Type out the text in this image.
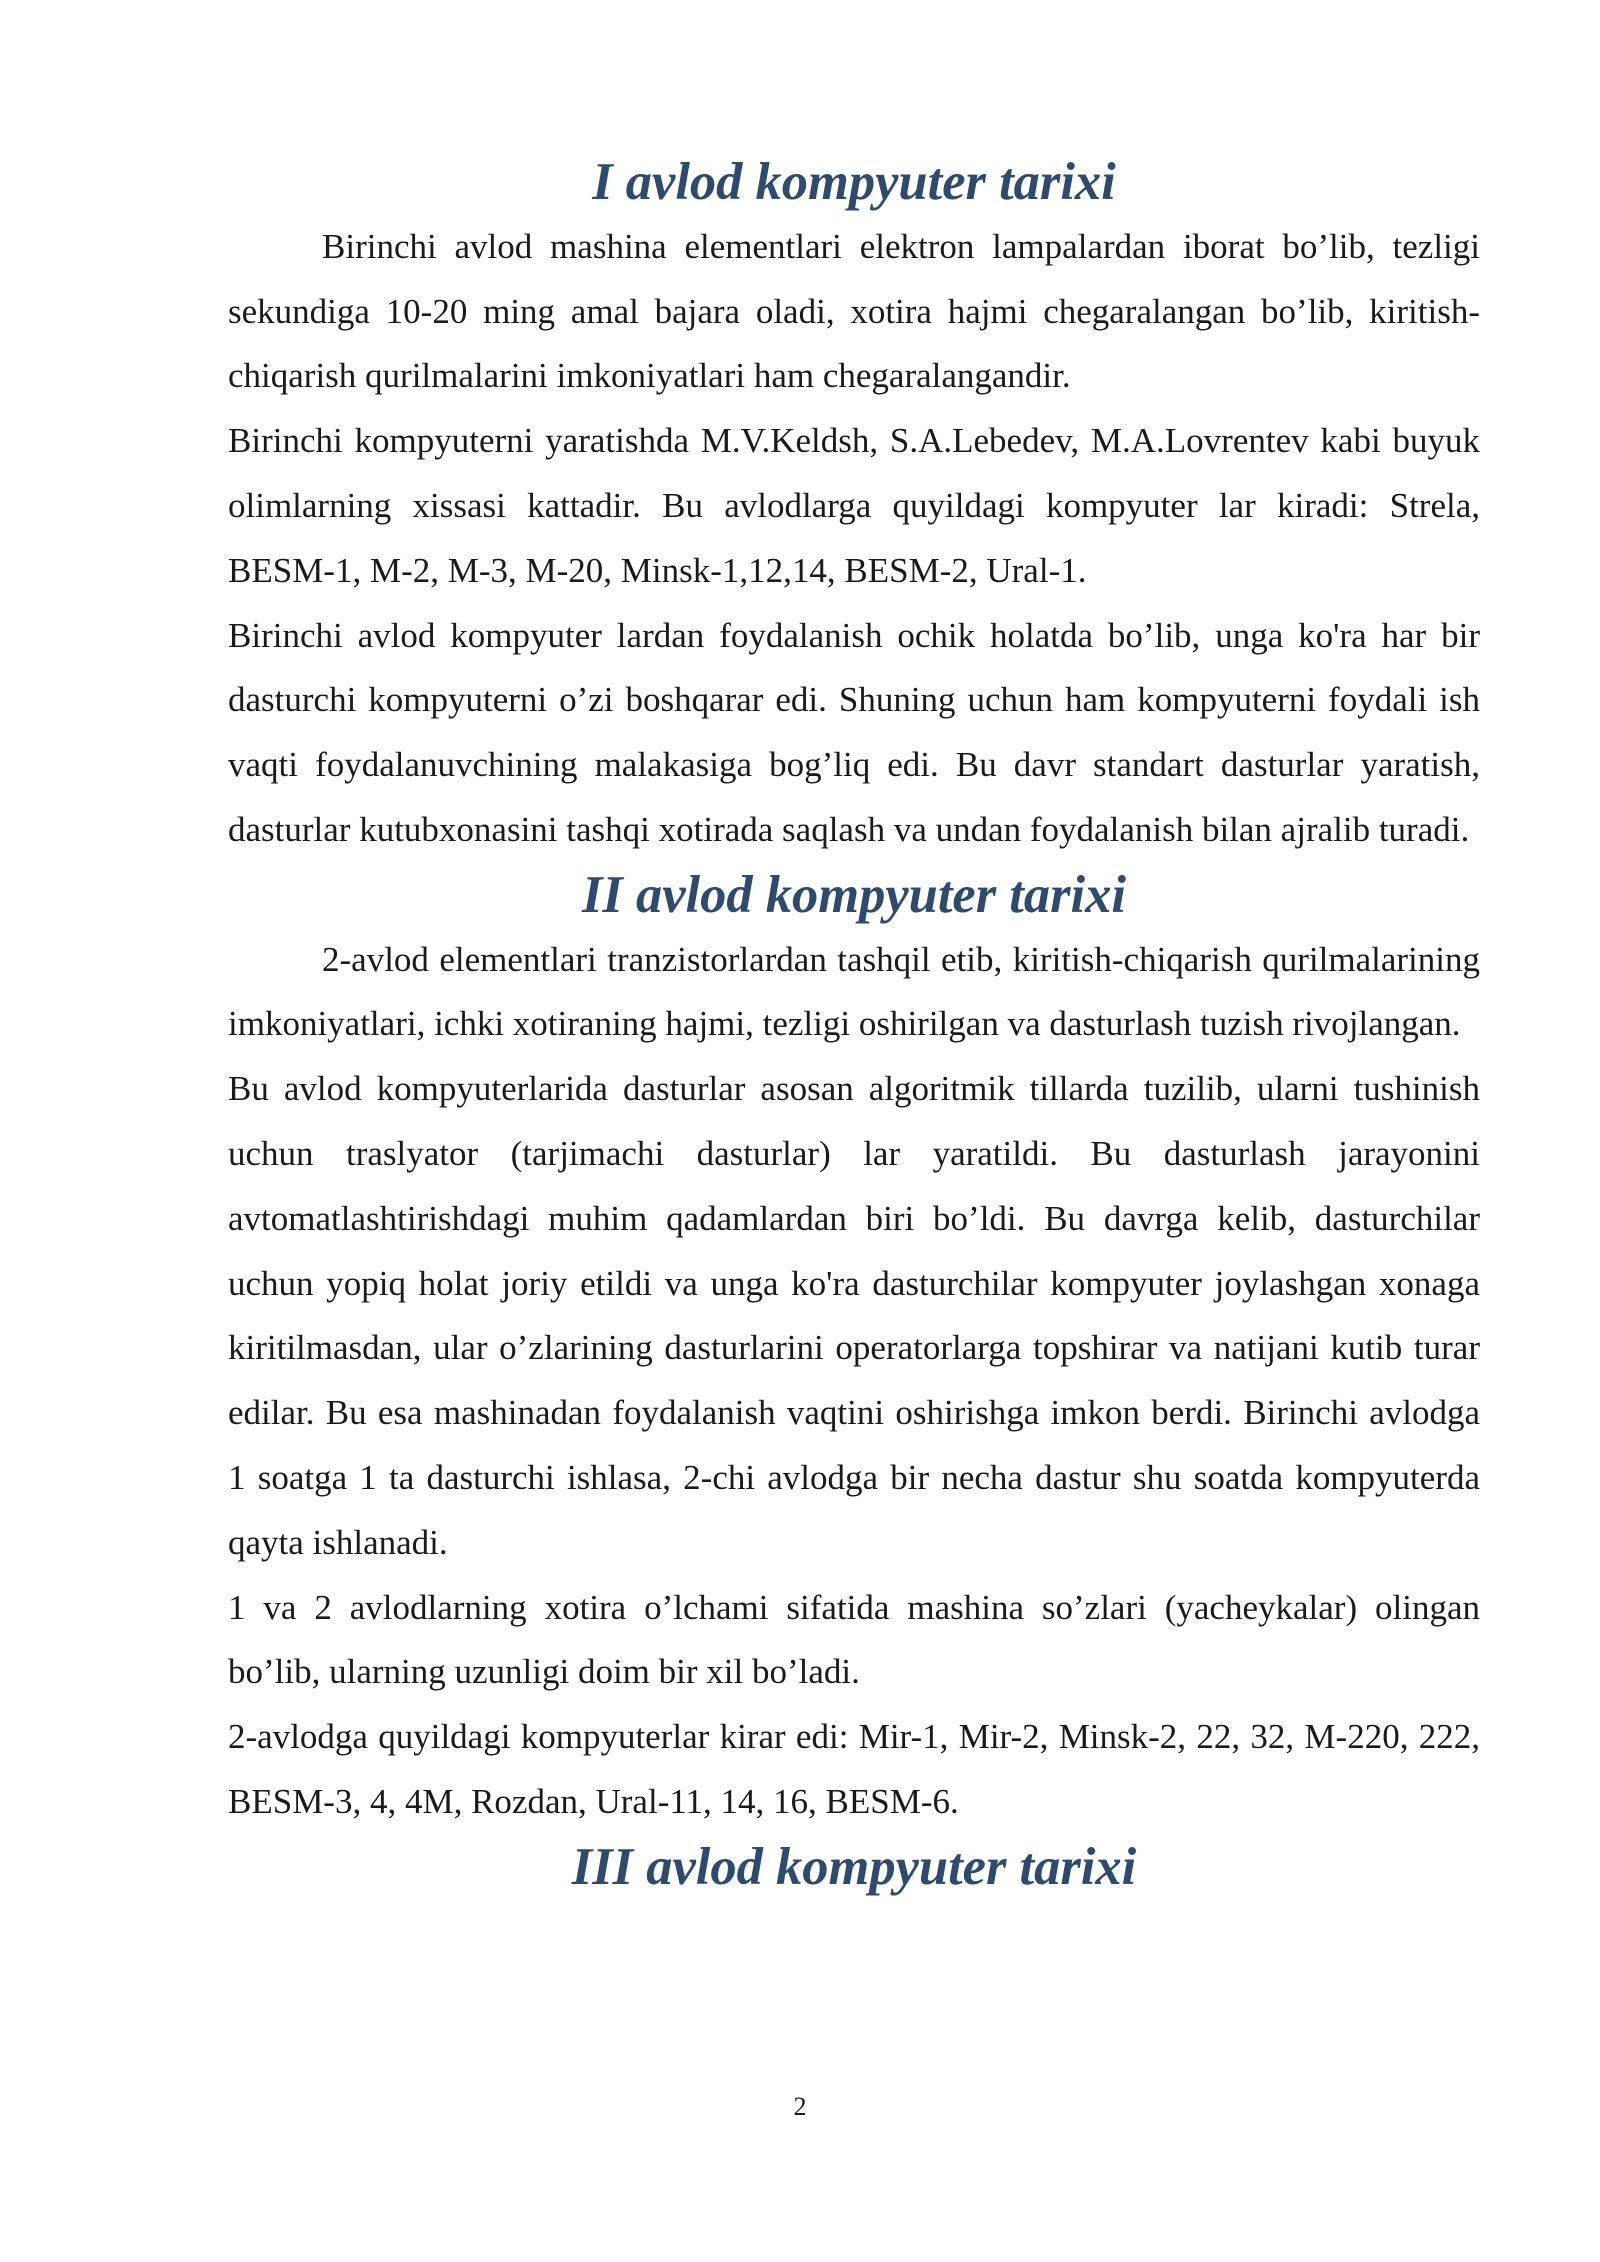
I avlod kompyuter tarixi

Birinchi avlod mashina elementlari elektron lampalardan iborat bo’lib, tezligi sekundiga 10-20 ming amal bajara oladi, xotira hajmi chegaralangan bo’lib, kiritish-chiqarish qurilmalarini imkoniyatlari ham chegaralangandir.

Birinchi kompyuterni yaratishda M.V.Keldsh, S.A.Lebedev, M.A.Lovrentev kabi buyuk olimlarning xissasi kattadir. Bu avlodlarga quyildagi kompyuter lar kiradi: Strela, BESM-1, M-2, M-3, M-20, Minsk-1,12,14, BESM-2, Ural-1.

Birinchi avlod kompyuter lardan foydalanish ochik holatda bo’lib, unga ko'ra har bir dasturchi kompyuterni o’zi boshqarar edi. Shuning uchun ham kompyuterni foydali ish vaqti foydalanuvchining malakasiga bog’liq edi. Bu davr standart dasturlar yaratish, dasturlar kutubxonasini tashqi xotirada saqlash va undan foydalanish bilan ajralib turadi.

II avlod kompyuter tarixi

2-avlod elementlari tranzistorlardan tashqil etib, kiritish-chiqarish qurilmalarining imkoniyatlari, ichki xotiraning hajmi, tezligi oshirilgan va dasturlash tuzish rivojlangan.

Bu avlod kompyuterlarida dasturlar asosan algoritmik tillarda tuzilib, ularni tushinish uchun traslyator (tarjimachi dasturlar) lar yaratildi. Bu dasturlash jarayonini avtomatlashtirishdagi muhim qadamlardan biri bo’ldi. Bu davrga kelib, dasturchilar uchun yopiq holat joriy etildi va unga ko'ra dasturchilar kompyuter joylashgan xonaga kiritilmasdan, ular o’zlarining dasturlarini operatorlarga topshirar va natijani kutib turar edilar. Bu esa mashinadan foydalanish vaqtini oshirishga imkon berdi. Birinchi avlodga 1 soatga 1 ta dasturchi ishlasa, 2-chi avlodga bir necha dastur shu soatda kompyuterda qayta ishlanadi.

1 va 2 avlodlarning xotira o’lchami sifatida mashina so’zlari (yacheykalar) olingan bo’lib, ularning uzunligi doim bir xil bo’ladi.

2-avlodga quyildagi kompyuterlar kirar edi: Mir-1, Mir-2, Minsk-2, 22, 32, M-220, 222, BESM-3, 4, 4M, Rozdan, Ural-11, 14, 16, BESM-6.

III avlod kompyuter tarixi
2
